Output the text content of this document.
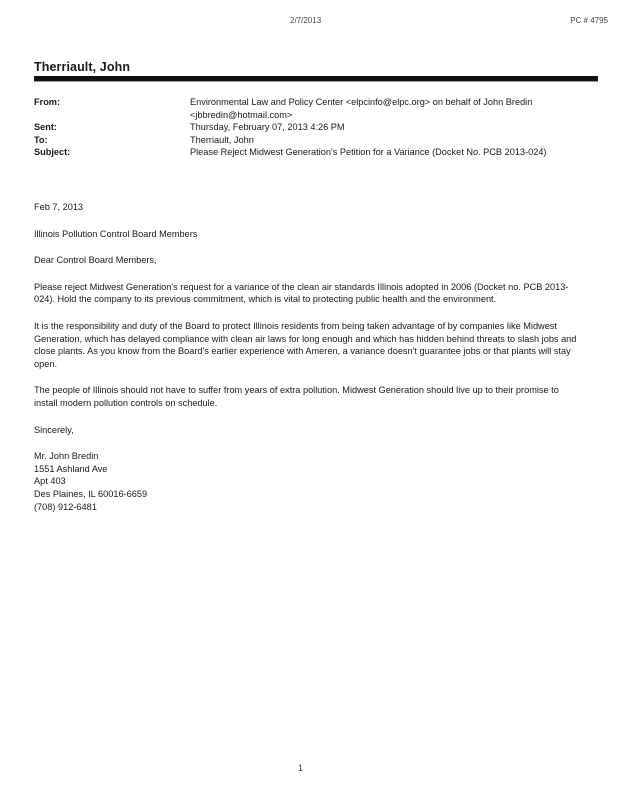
2/7/2013	PC # 4795
Therriault, John
From:	Environmental Law and Policy Center <elpcinfo@elpc.org> on behalf of John Bredin <jbbredin@hotmail.com>
Sent:	Thursday, February 07, 2013 4:26 PM
To:	Therriault, John
Subject:	Please Reject Midwest Generation's Petition for a Variance (Docket No. PCB 2013-024)

Feb 7, 2013

Illinois Pollution Control Board Members

Dear Control Board Members,

Please reject Midwest Generation's request for a variance of the clean air standards Illinois adopted in 2006 (Docket no. PCB 2013-024). Hold the company to its previous commitment, which is vital to protecting public health and the environment.

It is the responsibility and duty of the Board to protect Illinois residents from being taken advantage of by companies like Midwest Generation, which has delayed compliance with clean air laws for long enough and which has hidden behind threats to slash jobs and close plants. As you know from the Board's earlier experience with Ameren, a variance doesn't guarantee jobs or that plants will stay open.

The people of Illinois should not have to suffer from years of extra pollution. Midwest Generation should live up to their promise to install modern pollution controls on schedule.

Sincerely,

Mr. John Bredin
1551 Ashland Ave
Apt 403
Des Plaines, IL 60016-6659
(708) 912-6481

1
